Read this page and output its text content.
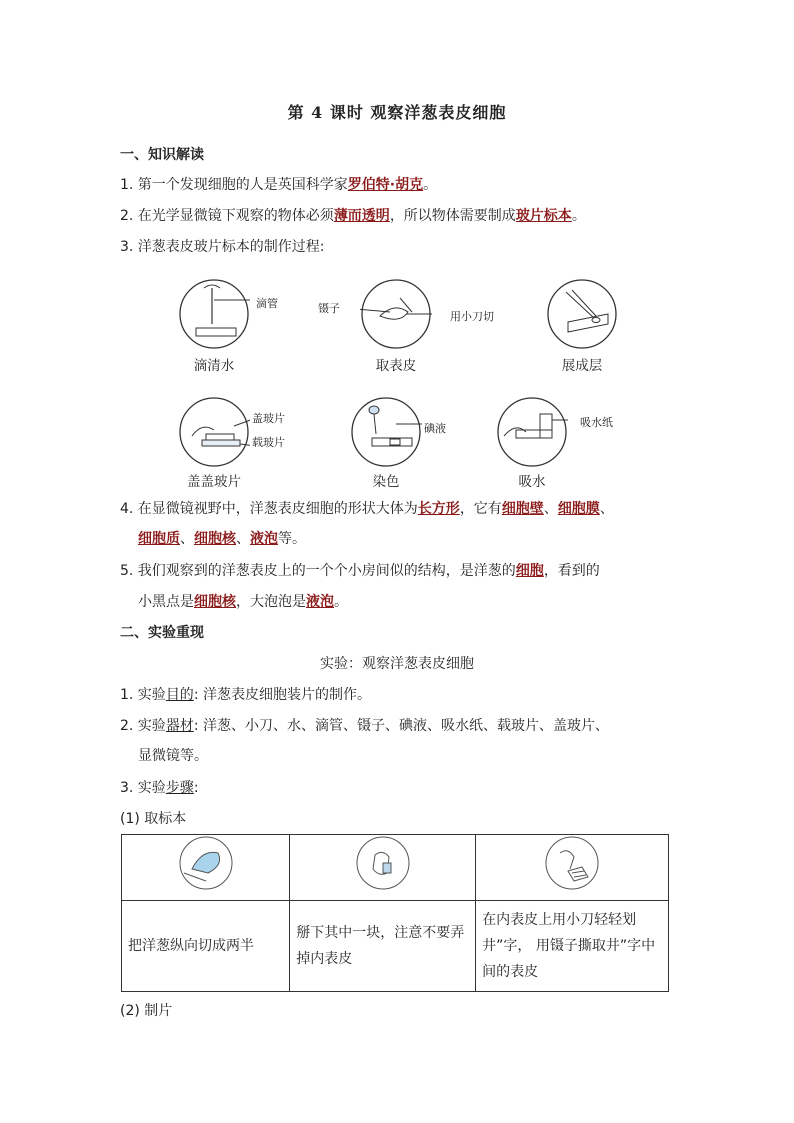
第 4 课时 观察洋葱表皮细胞
一、知识解读
1. 第一个发现细胞的人是英国科学家罗伯特·胡克。
2. 在光学显微镜下观察的物体必须薄而透明，所以物体需要制成玻片标本。
3. 洋葱表皮玻片标本的制作过程:
滴管
滴清水
镊子
用小刀切
取表皮	展成层
盖玻片
载玻片
盖盖玻片
碘液
染色
吸水纸
吸水
4. 在显微镜视野中，洋葱表皮细胞的形状大体为长方形，它有细胞壁、细胞膜、
细胞质、细胞核、液泡等。
5. 我们观察到的洋葱表皮上的一个个小房间似的结构，是洋葱的细胞，看到的
小黑点是细胞核，大泡泡是液泡。
二、实验重现
实验：观察洋葱表皮细胞
1. 实验目的: 洋葱表皮细胞装片的制作。
2. 实验器材: 洋葱、小刀、水、滴管、镊子、碘液、吸水纸、载玻片、盖玻片、
显微镜等。
3. 实验步骤:
(1) 取标本

把洋葱纵向切成两半	掰下其中一块，注意不要弄掉内表皮	在内表皮上用小刀轻轻划井”字， 用镊子撕取井”字中间的表皮
(2) 制片
